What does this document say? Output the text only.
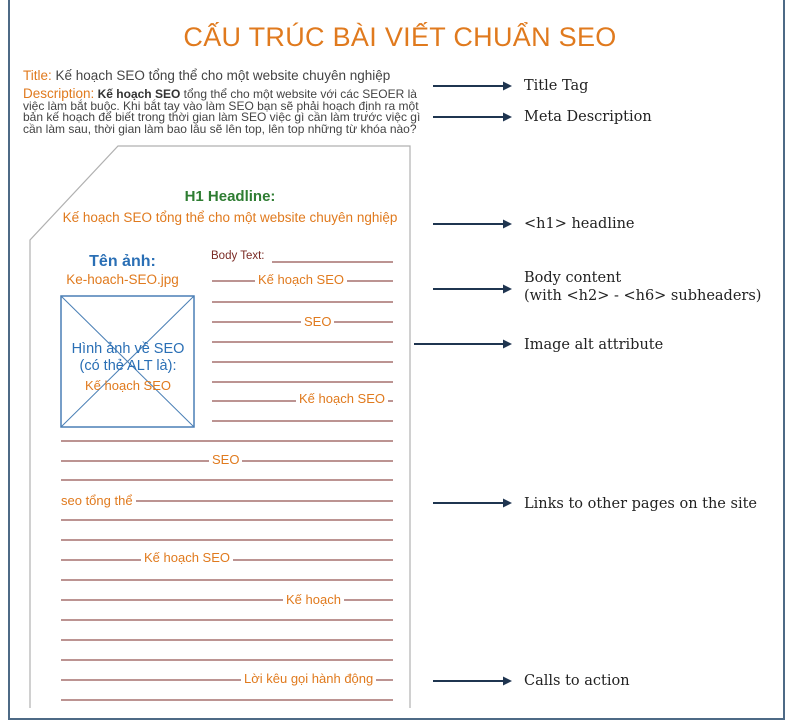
CẤU TRÚC BÀI VIẾT CHUẨN SEO
Title: Kế hoạch SEO tổng thể cho một website chuyên nghiệp
Description: Kế hoạch SEO tổng thể cho một website với các SEOER là việc làm bắt buộc. Khi bắt tay vào làm SEO bạn sẽ phải hoạch định ra một bản kế hoạch để biết trong thời gian làm SEO việc gì cần làm trước việc gì cần làm sau, thời gian làm bao lâu sẽ lên top, lên top những từ khóa nào?
H1 Headline:
Kế hoạch SEO tổng thể cho một website chuyên nghiệp
Tên ảnh:
Ke-hoach-SEO.jpg
Hình ảnh về SEO
(có thẻ ALT là):
Kế hoạch SEO
Body Text:
Kế hoạch SEO
SEO
Kế hoạch SEO
SEO
seo tổng thể
Kế hoạch SEO
Kế hoạch
Lời kêu gọi hành động
Title Tag
Meta Description
<h1> headline
Body content
(with <h2> - <h6> subheaders)
Image alt attribute
Links to other pages on the site
Calls to action
